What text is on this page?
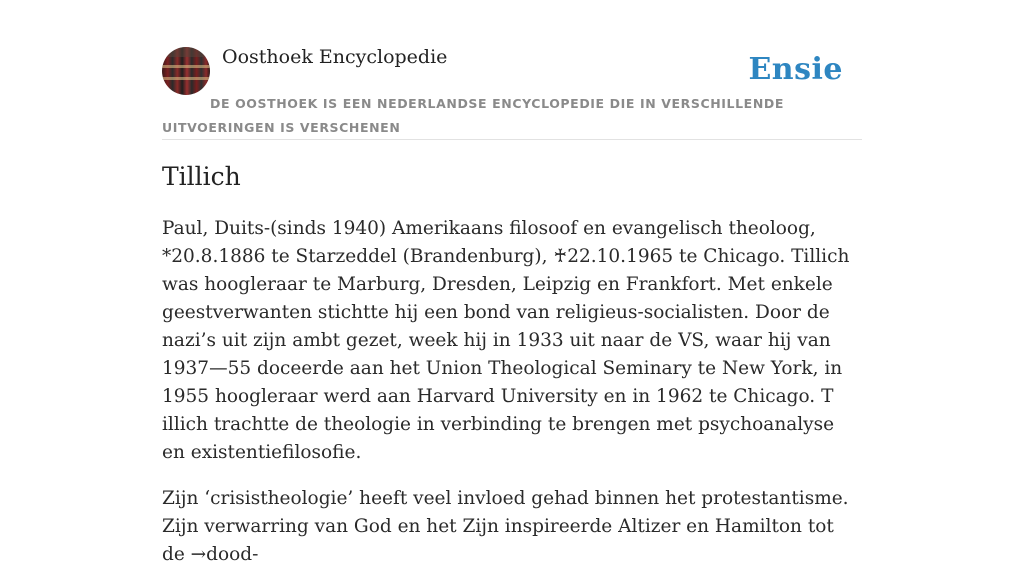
Oosthoek Encyclopedie	Ensie
DE OOSTHOEK IS EEN NEDERLANDSE ENCYCLOPEDIE DIE IN VERSCHILLENDE UITVOERINGEN IS VERSCHENEN
Tillich

Paul, Duits-(sinds 1940) Amerikaans filosoof en evangelisch theoloog, *20.8.1886 te Starzeddel (Brandenburg), ♰22.10.1965 te Chicago. Tillich was hoogleraar te Marburg, Dresden, Leipzig en Frankfort. Met enkele geestverwanten stichtte hij een bond van religieus-socialisten. Door de nazi’s uit zijn ambt gezet, week hij in 1933 uit naar de VS, waar hij van 1937—55 doceerde aan het Union Theological Seminary te New York, in 1955 hoogleraar werd aan Harvard University en in 1962 te Chicago. T illich trachtte de theologie in verbinding te brengen met psychoanalyse en existentiefilosofie.

Zijn ‘crisistheologie’ heeft veel invloed gehad binnen het protestantisme. Zijn verwarring van God en het Zijn inspireerde Altizer en Hamilton tot de →dood-
